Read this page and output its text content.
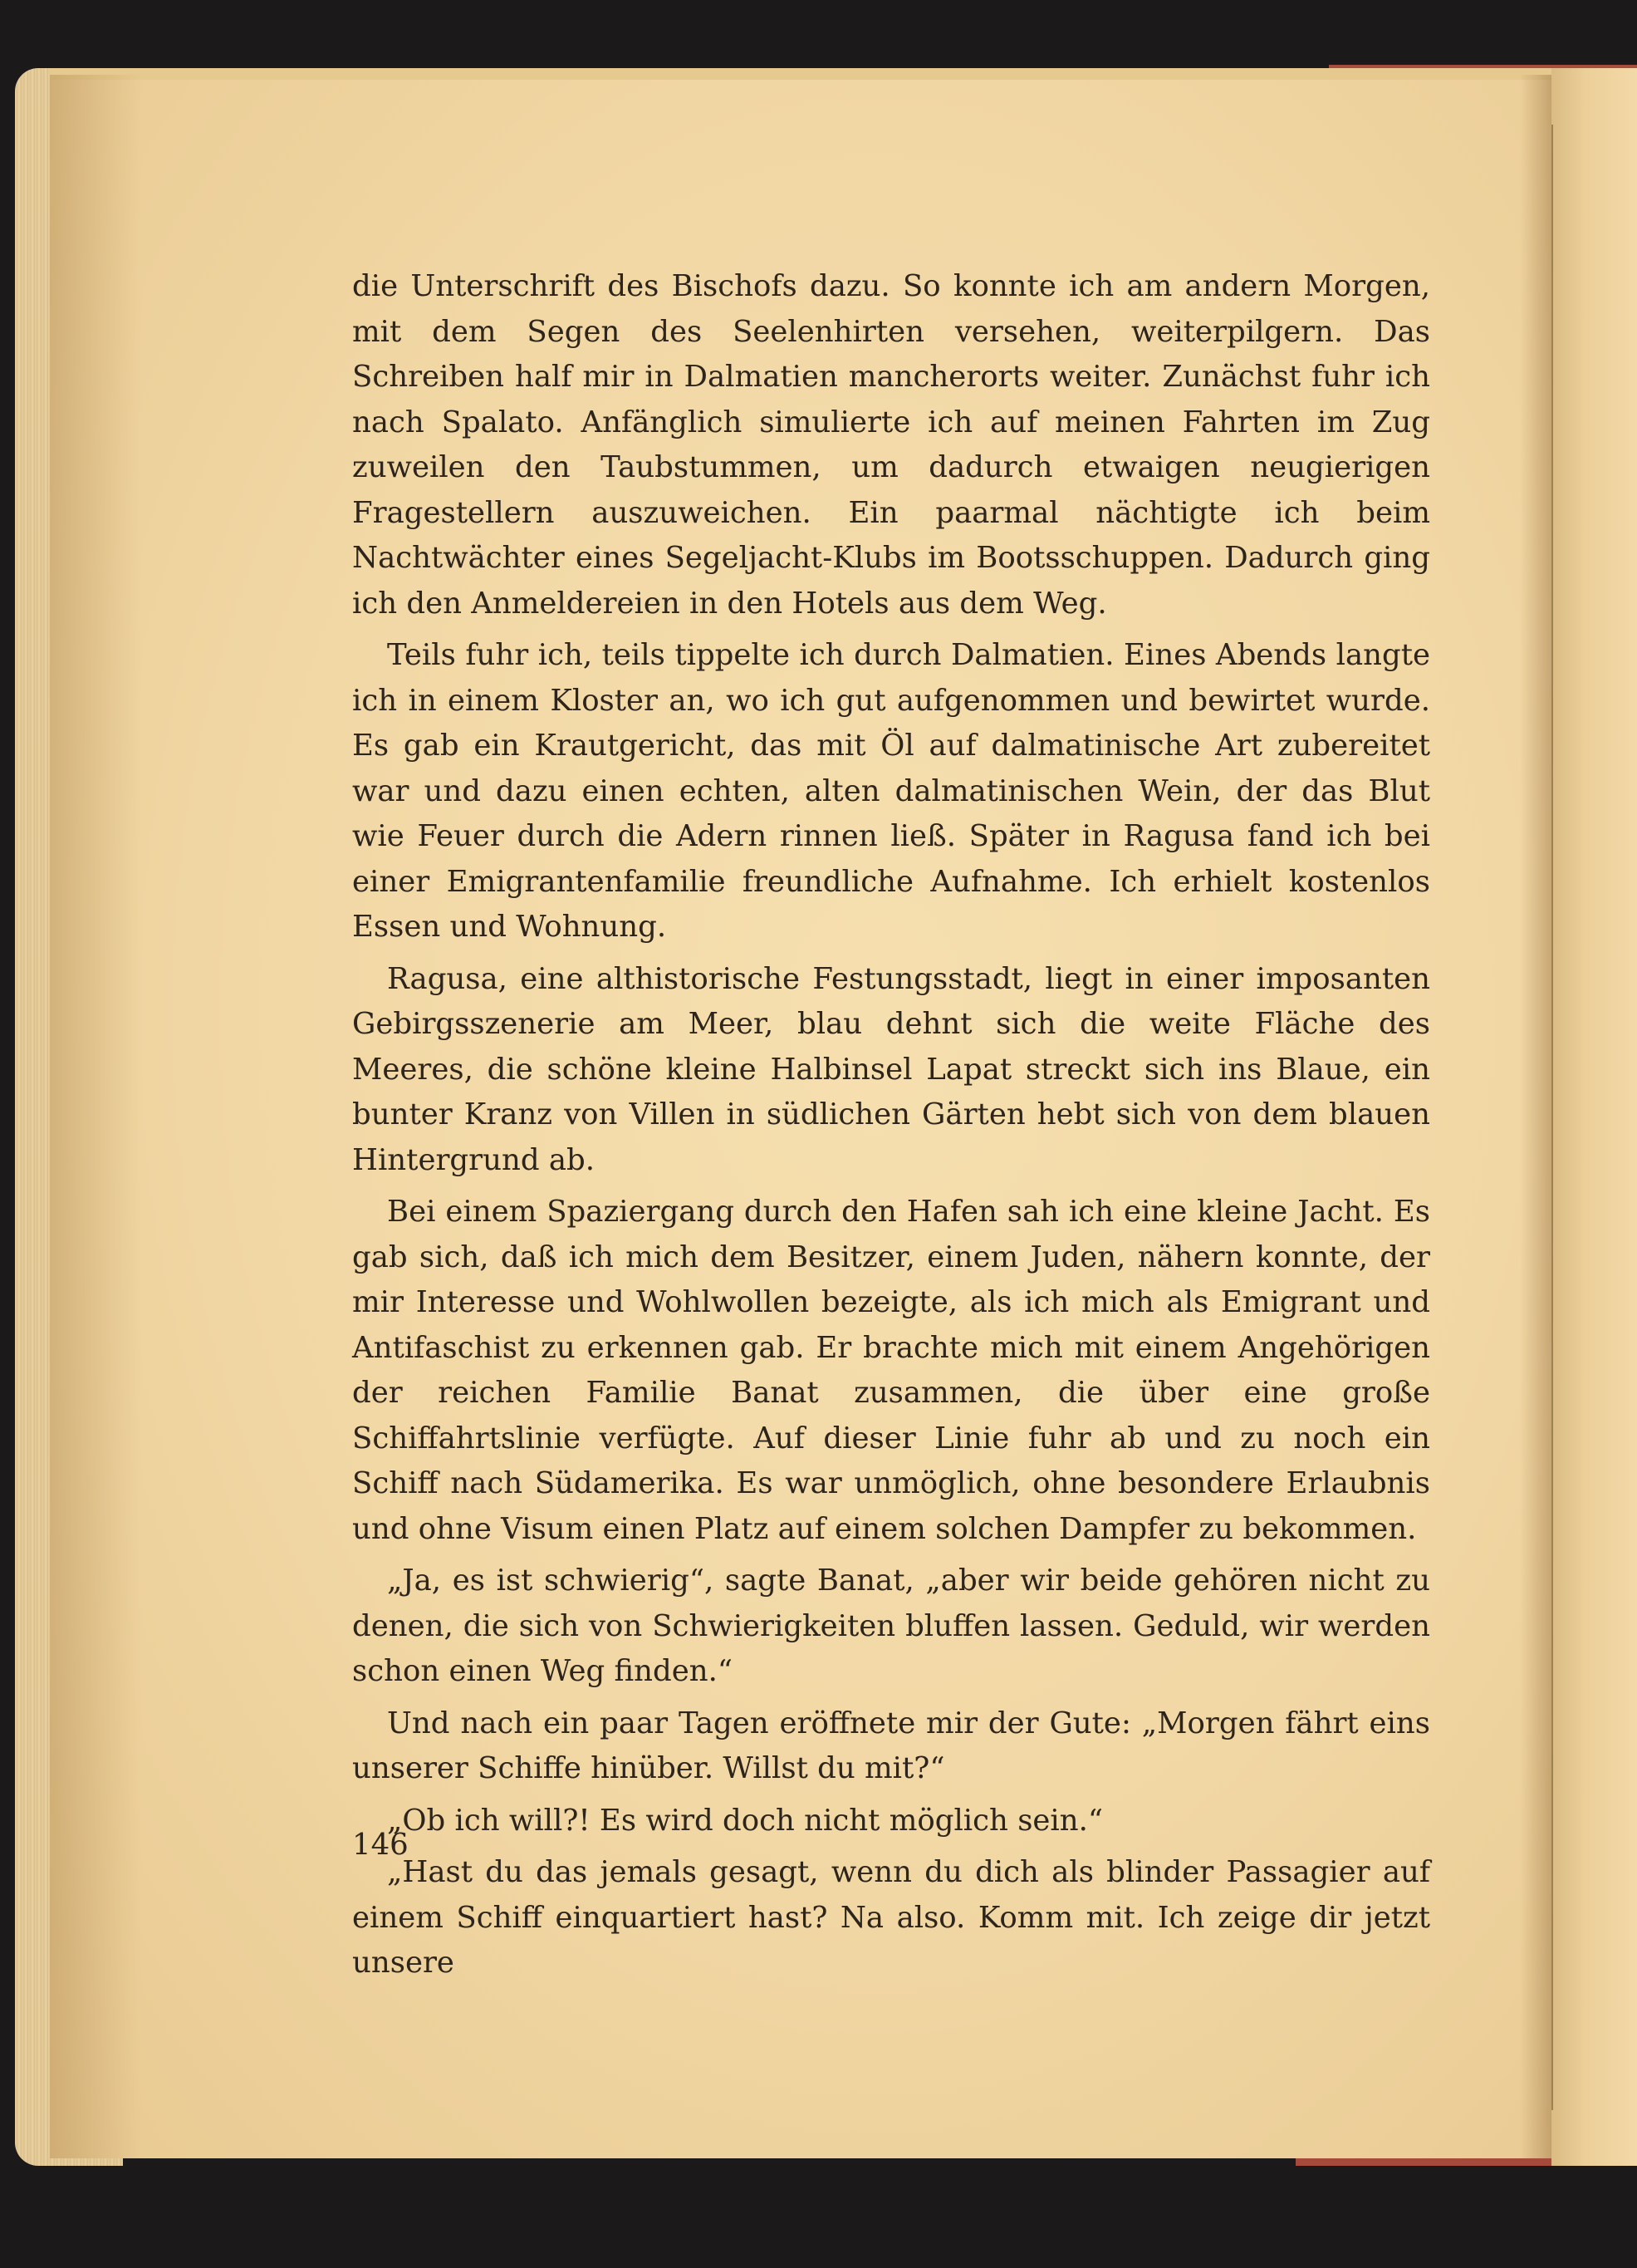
die Unterschrift des Bischofs dazu. So konnte ich am andern Morgen, mit dem Segen des Seelenhirten versehen, weiterpilgern. Das Schreiben half mir in Dalmatien mancherorts weiter. Zunächst fuhr ich nach Spalato. Anfänglich simulierte ich auf meinen Fahrten im Zug zuweilen den Taubstummen, um dadurch etwaigen neugierigen Fragestellern auszuweichen. Ein paarmal nächtigte ich beim Nachtwächter eines Segeljacht-Klubs im Bootsschuppen. Dadurch ging ich den Anmeldereien in den Hotels aus dem Weg.

Teils fuhr ich, teils tippelte ich durch Dalmatien. Eines Abends langte ich in einem Kloster an, wo ich gut aufgenommen und bewirtet wurde. Es gab ein Krautgericht, das mit Öl auf dalmatinische Art zubereitet war und dazu einen echten, alten dalmatinischen Wein, der das Blut wie Feuer durch die Adern rinnen ließ. Später in Ragusa fand ich bei einer Emigrantenfamilie freundliche Aufnahme. Ich erhielt kostenlos Essen und Wohnung.

Ragusa, eine althistorische Festungsstadt, liegt in einer imposanten Gebirgsszenerie am Meer, blau dehnt sich die weite Fläche des Meeres, die schöne kleine Halbinsel Lapat streckt sich ins Blaue, ein bunter Kranz von Villen in südlichen Gärten hebt sich von dem blauen Hintergrund ab.

Bei einem Spaziergang durch den Hafen sah ich eine kleine Jacht. Es gab sich, daß ich mich dem Besitzer, einem Juden, nähern konnte, der mir Interesse und Wohlwollen bezeigte, als ich mich als Emigrant und Antifaschist zu erkennen gab. Er brachte mich mit einem Angehörigen der reichen Familie Banat zusammen, die über eine große Schiffahrtslinie verfügte. Auf dieser Linie fuhr ab und zu noch ein Schiff nach Südamerika. Es war unmöglich, ohne besondere Erlaubnis und ohne Visum einen Platz auf einem solchen Dampfer zu bekommen.

„Ja, es ist schwierig“, sagte Banat, „aber wir beide gehören nicht zu denen, die sich von Schwierigkeiten bluffen lassen. Geduld, wir werden schon einen Weg finden.“

Und nach ein paar Tagen eröffnete mir der Gute: „Morgen fährt eins unserer Schiffe hinüber. Willst du mit?“

„Ob ich will?! Es wird doch nicht möglich sein.“

„Hast du das jemals gesagt, wenn du dich als blinder Passagier auf einem Schiff einquartiert hast? Na also. Komm mit. Ich zeige dir jetzt unsere

146
